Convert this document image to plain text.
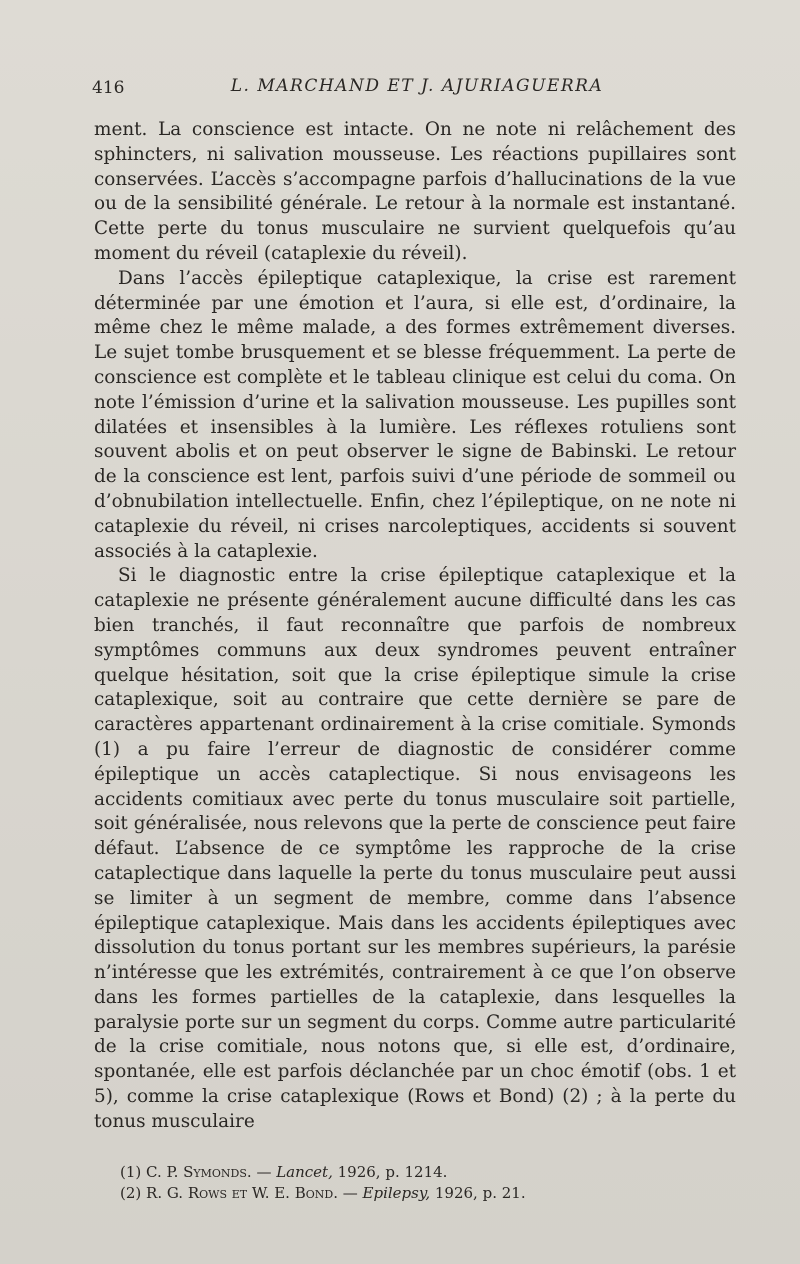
416	L. MARCHAND ET J. AJURIAGUERRA

ment. La conscience est intacte. On ne note ni relâchement des sphincters, ni salivation mousseuse. Les réactions pupillaires sont conservées. L’accès s’accompagne parfois d’hallucinations de la vue ou de la sensibilité générale. Le retour à la normale est instantané. Cette perte du tonus musculaire ne survient quelquefois qu’au moment du réveil (cataplexie du réveil).

Dans l’accès épileptique cataplexique, la crise est rarement déterminée par une émotion et l’aura, si elle est, d’ordinaire, la même chez le même malade, a des formes extrêmement diverses. Le sujet tombe brusquement et se blesse fréquemment. La perte de conscience est complète et le tableau clinique est celui du coma. On note l’émission d’urine et la salivation mousseuse. Les pupilles sont dilatées et insensibles à la lumière. Les réflexes rotuliens sont souvent abolis et on peut observer le signe de Babinski. Le retour de la conscience est lent, parfois suivi d’une période de sommeil ou d’obnubilation intellectuelle. Enfin, chez l’épileptique, on ne note ni cataplexie du réveil, ni crises narcoleptiques, accidents si souvent associés à la cataplexie.

Si le diagnostic entre la crise épileptique cataplexique et la cataplexie ne présente généralement aucune difficulté dans les cas bien tranchés, il faut reconnaître que parfois de nombreux symptômes communs aux deux syndromes peuvent entraîner quelque hésitation, soit que la crise épileptique simule la crise cataplexique, soit au contraire que cette dernière se pare de caractères appartenant ordinairement à la crise comitiale. Symonds (1) a pu faire l’erreur de diagnostic de considérer comme épileptique un accès cataplectique. Si nous envisageons les accidents comitiaux avec perte du tonus musculaire soit partielle, soit généralisée, nous relevons que la perte de conscience peut faire défaut. L’absence de ce symptôme les rapproche de la crise cataplectique dans laquelle la perte du tonus musculaire peut aussi se limiter à un segment de membre, comme dans l’absence épileptique cataplexique. Mais dans les accidents épileptiques avec dissolution du tonus portant sur les membres supérieurs, la parésie n’intéresse que les extrémités, contrairement à ce que l’on observe dans les formes partielles de la cataplexie, dans lesquelles la paralysie porte sur un segment du corps. Comme autre particularité de la crise comitiale, nous notons que, si elle est, d’ordinaire, spontanée, elle est parfois déclanchée par un choc émotif (obs. 1 et 5), comme la crise cataplexique (Rows et Bond) (2) ; à la perte du tonus musculaire

(1) C. P. Symonds. — Lancet, 1926, p. 1214.
(2) R. G. Rows et W. E. Bond. — Epilepsy, 1926, p. 21.
